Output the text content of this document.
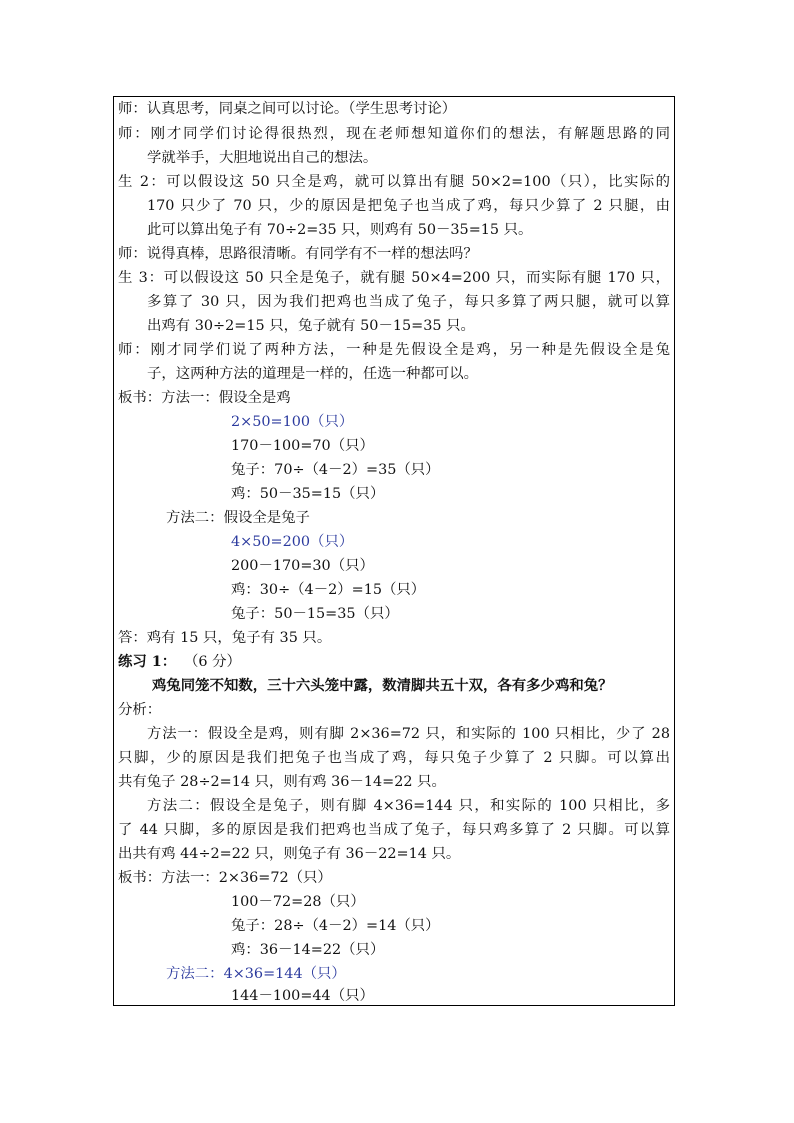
师：认真思考，同桌之间可以讨论。（学生思考讨论）
师：刚才同学们讨论得很热烈，现在老师想知道你们的想法，有解题思路的同
学就举手，大胆地说出自己的想法。
生 2：可以假设这 50 只全是鸡，就可以算出有腿 50×2=100（只），比实际的
170 只少了 70 只，少的原因是把兔子也当成了鸡，每只少算了 2 只腿，由
此可以算出兔子有 70÷2=35 只，则鸡有 50－35=15 只。
师：说得真棒，思路很清晰。有同学有不一样的想法吗？
生 3：可以假设这 50 只全是兔子，就有腿 50×4=200 只，而实际有腿 170 只，
多算了 30 只，因为我们把鸡也当成了兔子，每只多算了两只腿，就可以算
出鸡有 30÷2=15 只，兔子就有 50－15=35 只。
师：刚才同学们说了两种方法，一种是先假设全是鸡，另一种是先假设全是兔
子，这两种方法的道理是一样的，任选一种都可以。
板书：方法一：假设全是鸡
2×50=100（只）
170－100=70（只）
兔子：70÷（4－2）=35（只）
鸡：50－35=15（只）
方法二：假设全是兔子
4×50=200（只）
200－170=30（只）
鸡：30÷（4－2）=15（只）
兔子：50－15=35（只）
答：鸡有 15 只，兔子有 35 只。
练习 1： （6 分）
鸡兔同笼不知数，三十六头笼中露，数清脚共五十双，各有多少鸡和兔？
分析：
方法一：假设全是鸡，则有脚 2×36=72 只，和实际的 100 只相比，少了 28
只脚，少的原因是我们把兔子也当成了鸡，每只兔子少算了 2 只脚。可以算出
共有兔子 28÷2=14 只，则有鸡 36－14=22 只。
方法二：假设全是兔子，则有脚 4×36=144 只，和实际的 100 只相比，多
了 44 只脚，多的原因是我们把鸡也当成了兔子，每只鸡多算了 2 只脚。可以算
出共有鸡 44÷2=22 只，则兔子有 36－22=14 只。
板书：方法一：2×36=72（只）
100－72=28（只）
兔子：28÷（4－2）=14（只）
鸡：36－14=22（只）
方法二：4×36=144（只）
144－100=44（只）
